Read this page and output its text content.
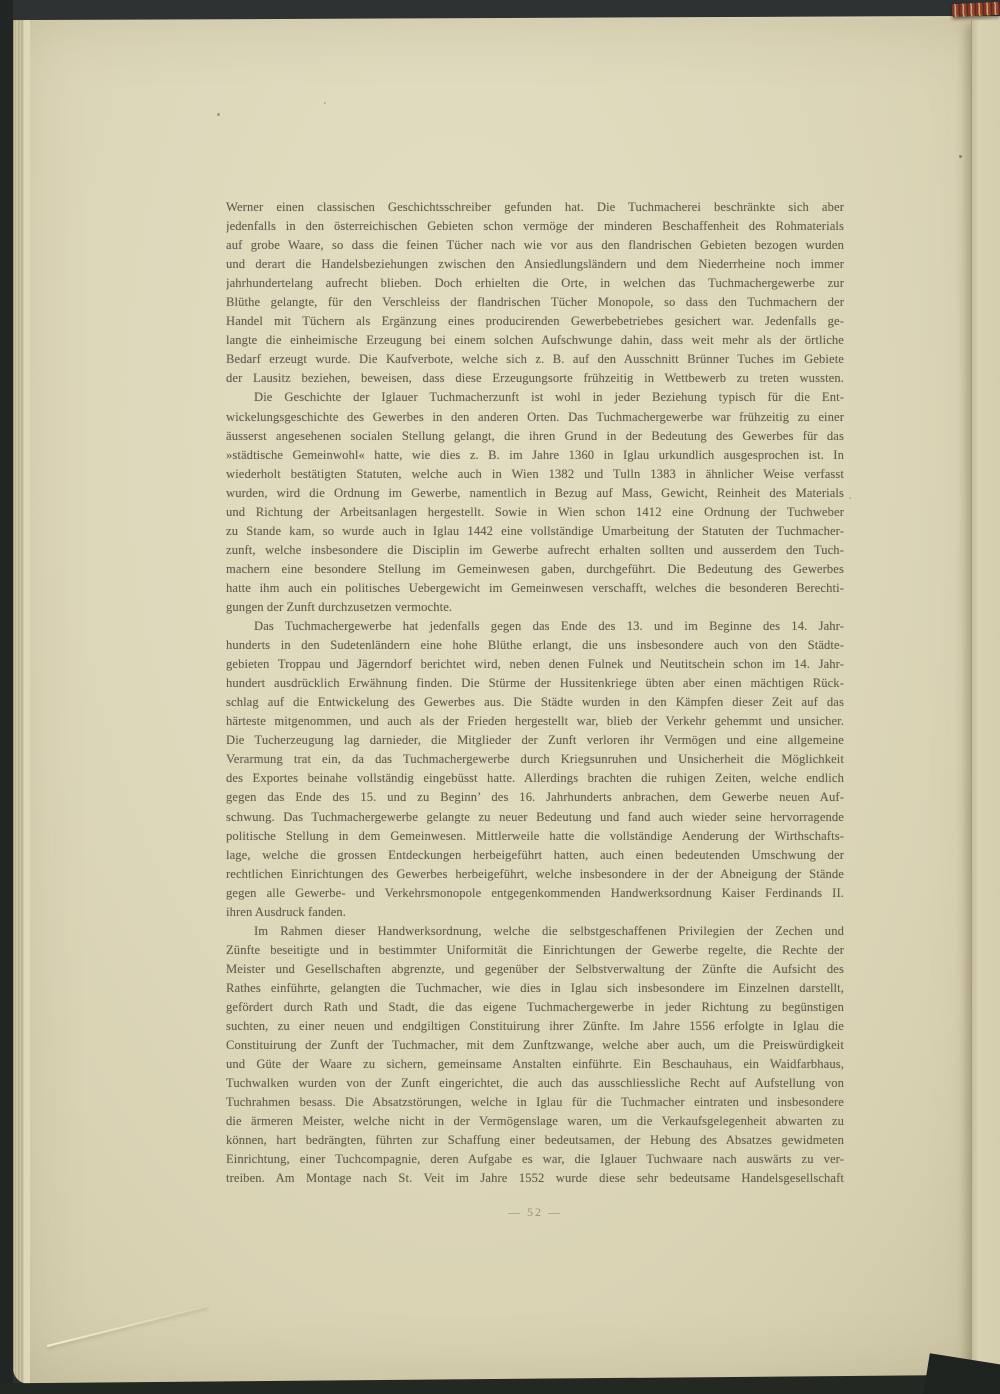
Werner einen classischen Geschichtsschreiber gefunden hat. Die Tuchmacherei beschränkte sich aber
jedenfalls in den österreichischen Gebieten schon vermöge der minderen Beschaffenheit des Rohmaterials
auf grobe Waare, so dass die feinen Tücher nach wie vor aus den flandrischen Gebieten bezogen wurden
und derart die Handelsbeziehungen zwischen den Ansiedlungsländern und dem Niederrheine noch immer
jahrhundertelang aufrecht blieben. Doch erhielten die Orte, in welchen das Tuchmachergewerbe zur
Blüthe gelangte, für den Verschleiss der flandrischen Tücher Monopole, so dass den Tuchmachern der
Handel mit Tüchern als Ergänzung eines producirenden Gewerbebetriebes gesichert war. Jedenfalls ge-
langte die einheimische Erzeugung bei einem solchen Aufschwunge dahin, dass weit mehr als der örtliche
Bedarf erzeugt wurde. Die Kaufverbote, welche sich z. B. auf den Ausschnitt Brünner Tuches im Gebiete
der Lausitz beziehen, beweisen, dass diese Erzeugungsorte frühzeitig in Wettbewerb zu treten wussten.
Die Geschichte der Iglauer Tuchmacherzunft ist wohl in jeder Beziehung typisch für die Ent-
wickelungsgeschichte des Gewerbes in den anderen Orten. Das Tuchmachergewerbe war frühzeitig zu einer
äusserst angesehenen socialen Stellung gelangt, die ihren Grund in der Bedeutung des Gewerbes für das
»städtische Gemeinwohl« hatte, wie dies z. B. im Jahre 1360 in Iglau urkundlich ausgesprochen ist. In
wiederholt bestätigten Statuten, welche auch in Wien 1382 und Tulln 1383 in ähnlicher Weise verfasst
wurden, wird die Ordnung im Gewerbe, namentlich in Bezug auf Mass, Gewicht, Reinheit des Materials
und Richtung der Arbeitsanlagen hergestellt. Sowie in Wien schon 1412 eine Ordnung der Tuchweber
zu Stande kam, so wurde auch in Iglau 1442 eine vollständige Umarbeitung der Statuten der Tuchmacher-
zunft, welche insbesondere die Disciplin im Gewerbe aufrecht erhalten sollten und ausserdem den Tuch-
machern eine besondere Stellung im Gemeinwesen gaben, durchgeführt. Die Bedeutung des Gewerbes
hatte ihm auch ein politisches Uebergewicht im Gemeinwesen verschafft, welches die besonderen Berechti-
gungen der Zunft durchzusetzen vermochte.
Das Tuchmachergewerbe hat jedenfalls gegen das Ende des 13. und im Beginne des 14. Jahr-
hunderts in den Sudetenländern eine hohe Blüthe erlangt, die uns insbesondere auch von den Städte-
gebieten Troppau und Jägerndorf berichtet wird, neben denen Fulnek und Neutitschein schon im 14. Jahr-
hundert ausdrücklich Erwähnung finden. Die Stürme der Hussitenkriege übten aber einen mächtigen Rück-
schlag auf die Entwickelung des Gewerbes aus. Die Städte wurden in den Kämpfen dieser Zeit auf das
härteste mitgenommen, und auch als der Frieden hergestellt war, blieb der Verkehr gehemmt und unsicher.
Die Tucherzeugung lag darnieder, die Mitglieder der Zunft verloren ihr Vermögen und eine allgemeine
Verarmung trat ein, da das Tuchmachergewerbe durch Kriegsunruhen und Unsicherheit die Möglichkeit
des Exportes beinahe vollständig eingebüsst hatte. Allerdings brachten die ruhigen Zeiten, welche endlich
gegen das Ende des 15. und zu Beginn’ des 16. Jahrhunderts anbrachen, dem Gewerbe neuen Auf-
schwung. Das Tuchmachergewerbe gelangte zu neuer Bedeutung und fand auch wieder seine hervorragende
politische Stellung in dem Gemeinwesen. Mittlerweile hatte die vollständige Aenderung der Wirthschafts-
lage, welche die grossen Entdeckungen herbeigeführt hatten, auch einen bedeutenden Umschwung der
rechtlichen Einrichtungen des Gewerbes herbeigeführt, welche insbesondere in der der Abneigung der Stände
gegen alle Gewerbe- und Verkehrsmonopole entgegenkommenden Handwerksordnung Kaiser Ferdinands II.
ihren Ausdruck fanden.
Im Rahmen dieser Handwerksordnung, welche die selbstgeschaffenen Privilegien der Zechen und
Zünfte beseitigte und in bestimmter Uniformität die Einrichtungen der Gewerbe regelte, die Rechte der
Meister und Gesellschaften abgrenzte, und gegenüber der Selbstverwaltung der Zünfte die Aufsicht des
Rathes einführte, gelangten die Tuchmacher, wie dies in Iglau sich insbesondere im Einzelnen darstellt,
gefördert durch Rath und Stadt, die das eigene Tuchmachergewerbe in jeder Richtung zu begünstigen
suchten, zu einer neuen und endgiltigen Constituirung ihrer Zünfte. Im Jahre 1556 erfolgte in Iglau die
Constituirung der Zunft der Tuchmacher, mit dem Zunftzwange, welche aber auch, um die Preiswürdigkeit
und Güte der Waare zu sichern, gemeinsame Anstalten einführte. Ein Beschauhaus, ein Waidfarbhaus,
Tuchwalken wurden von der Zunft eingerichtet, die auch das ausschliessliche Recht auf Aufstellung von
Tuchrahmen besass. Die Absatzstörungen, welche in Iglau für die Tuchmacher eintraten und insbesondere
die ärmeren Meister, welche nicht in der Vermögenslage waren, um die Verkaufsgelegenheit abwarten zu
können, hart bedrängten, führten zur Schaffung einer bedeutsamen, der Hebung des Absatzes gewidmeten
Einrichtung, einer Tuchcompagnie, deren Aufgabe es war, die Iglauer Tuchwaare nach auswärts zu ver-
treiben. Am Montage nach St. Veit im Jahre 1552 wurde diese sehr bedeutsame Handelsgesellschaft
— 52 —
